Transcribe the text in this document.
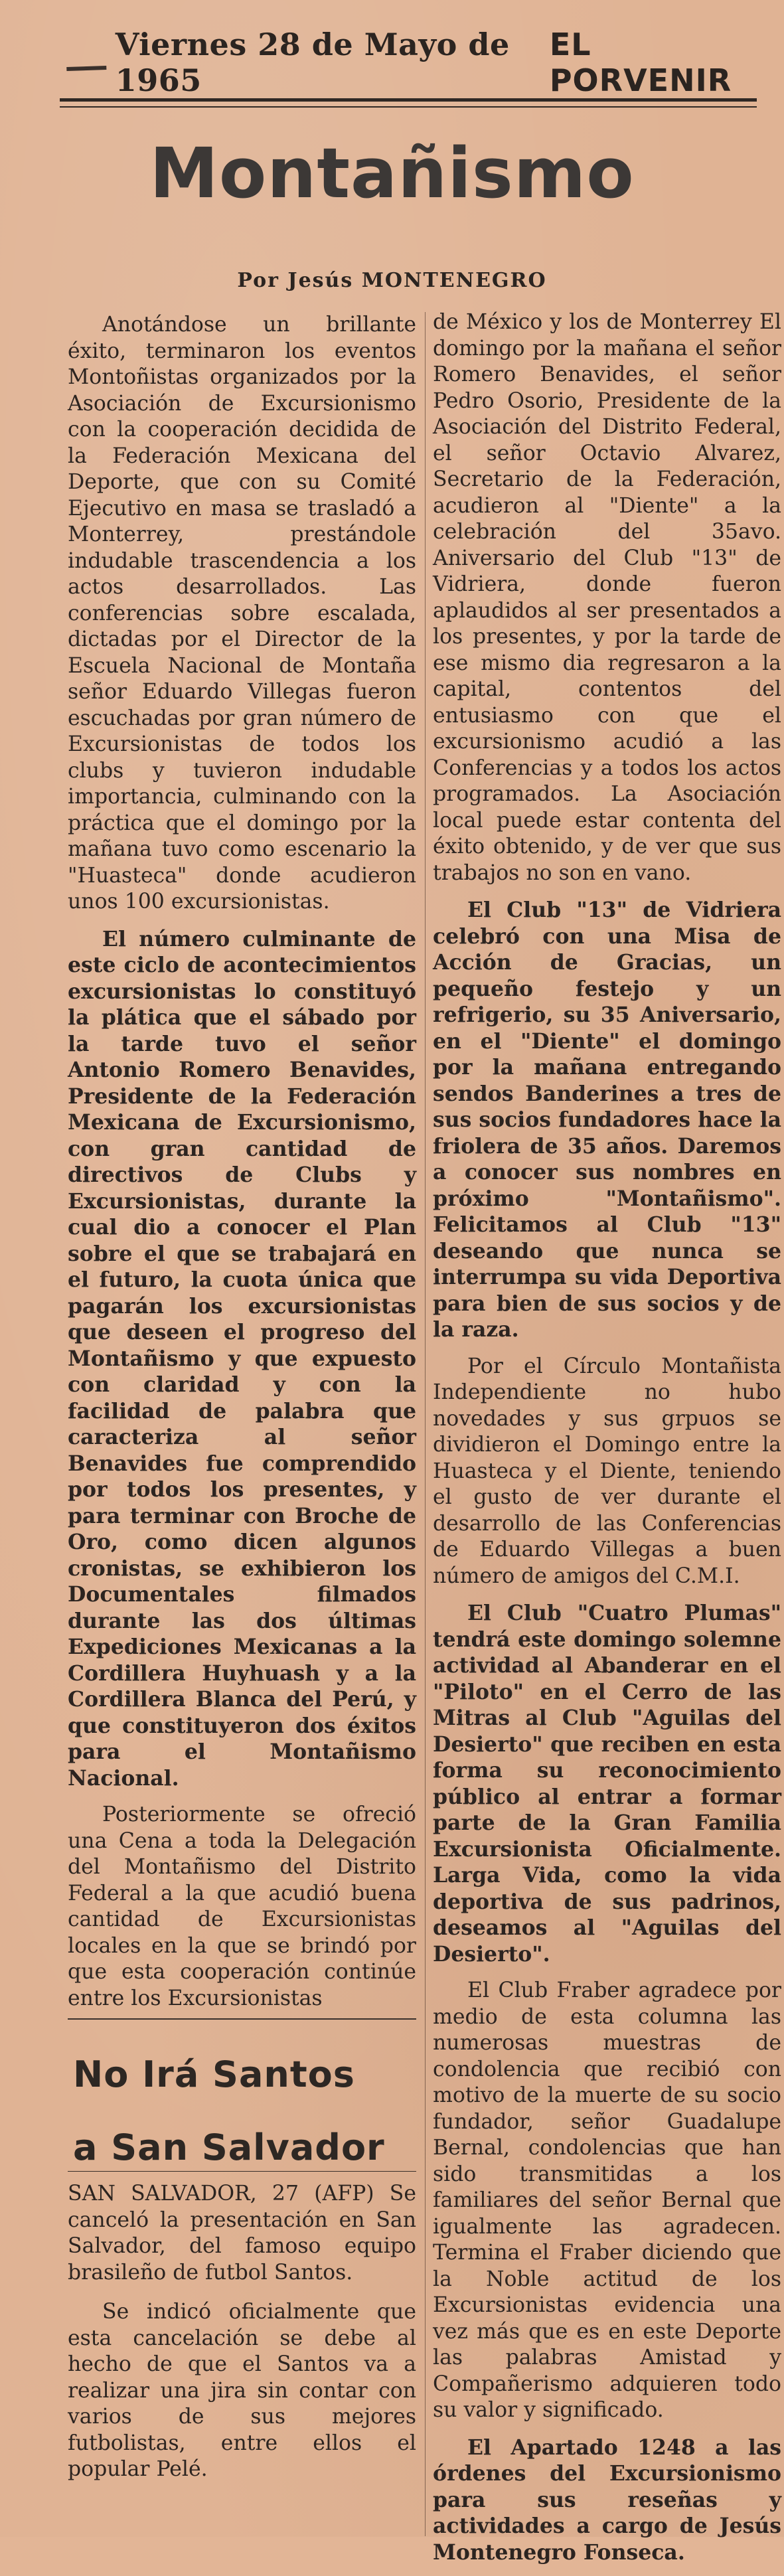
Viernes 28 de Mayo de 1965
EL PORVENIR
Montañismo
Por Jesús MONTENEGRO

Anotándose un brillante éxito, terminaron los eventos Montoñistas organizados por la Asociación de Excursionismo con la cooperación decidida de la Federación Mexicana del Deporte, que con su Comité Ejecutivo en masa se trasladó a Monterrey, prestándole indudable trascendencia a los actos desarrollados. Las conferencias sobre escalada, dictadas por el Director de la Escuela Nacional de Montaña señor Eduardo Villegas fueron escuchadas por gran número de Excursionistas de todos los clubs y tuvieron indudable importancia, culminando con la práctica que el domingo por la mañana tuvo como escenario la "Huasteca" donde acudieron unos 100 excursionistas.

El número culminante de este ciclo de acontecimientos excursionistas lo constituyó la plática que el sábado por la tarde tuvo el señor Antonio Romero Benavides, Presidente de la Federación Mexicana de Excursionismo, con gran cantidad de directivos de Clubs y Excursionistas, durante la cual dio a conocer el Plan sobre el que se trabajará en el futuro, la cuota única que pagarán los excursionistas que deseen el progreso del Montañismo y que expuesto con claridad y con la facilidad de palabra que caracteriza al señor Benavides fue comprendido por todos los presentes, y para terminar con Broche de Oro, como dicen algunos cronistas, se exhibieron los Documentales filmados durante las dos últimas Expediciones Mexicanas a la Cordillera Huyhuash y a la Cordillera Blanca del Perú, y que constituyeron dos éxitos para el Montañismo Nacional.

Posteriormente se ofreció una Cena a toda la Delegación del Montañismo del Distrito Federal a la que acudió buena cantidad de Excursionistas locales en la que se brindó por que esta cooperación continúe entre los Excursionistas

de México y los de Monterrey El domingo por la mañana el señor Romero Benavides, el señor Pedro Osorio, Presidente de la Asociación del Distrito Federal, el señor Octavio Alvarez, Secretario de la Federación, acudieron al "Diente" a la celebración del 35avo. Aniversario del Club "13" de Vidriera, donde fueron aplaudidos al ser presentados a los presentes, y por la tarde de ese mismo dia regresaron a la capital, contentos del entusiasmo con que el excursionismo acudió a las Conferencias y a todos los actos programados. La Asociación local puede estar contenta del éxito obtenido, y de ver que sus trabajos no son en vano.

El Club "13" de Vidriera celebró con una Misa de Acción de Gracias, un pequeño festejo y un refrigerio, su 35 Aniversario, en el "Diente" el domingo por la mañana entregando sendos Banderines a tres de sus socios fundadores hace la friolera de 35 años. Daremos a conocer sus nombres en próximo "Montañismo". Felicitamos al Club "13" deseando que nunca se interrumpa su vida Deportiva para bien de sus socios y de la raza.

Por el Círculo Montañista Independiente no hubo novedades y sus grpuos se dividieron el Domingo entre la Huasteca y el Diente, teniendo el gusto de ver durante el desarrollo de las Conferencias de Eduardo Villegas a buen número de amigos del C.M.I.

El Club "Cuatro Plumas" tendrá este domingo solemne actividad al Abanderar en el "Piloto" en el Cerro de las Mitras al Club "Aguilas del Desierto" que reciben en esta forma su reconocimiento público al entrar a formar parte de la Gran Familia Excursionista Oficialmente. Larga Vida, como la vida deportiva de sus padrinos, deseamos al "Aguilas del Desierto".

El Club Fraber agradece por medio de esta columna las numerosas muestras de condolencia que recibió con motivo de la muerte de su socio fundador, señor Guadalupe Bernal, condolencias que han sido transmitidas a los familiares del señor Bernal que igualmente las agradecen. Termina el Fraber diciendo que la Noble actitud de los Excursionistas evidencia una vez más que es en este Deporte las palabras Amistad y Compañerismo adquieren todo su valor y significado.

El Apartado 1248 a las órdenes del Excursionismo para sus reseñas y actividades a cargo de Jesús Montenegro Fonseca.

No Irá Santos
a San Salvador

SAN SALVADOR, 27 (AFP) Se canceló la presentación en San Salvador, del famoso equipo brasileño de futbol Santos.

Se indicó oficialmente que esta cancelación se debe al hecho de que el Santos va a realizar una jira sin contar con varios de sus mejores futbolistas, entre ellos el popular Pelé.
